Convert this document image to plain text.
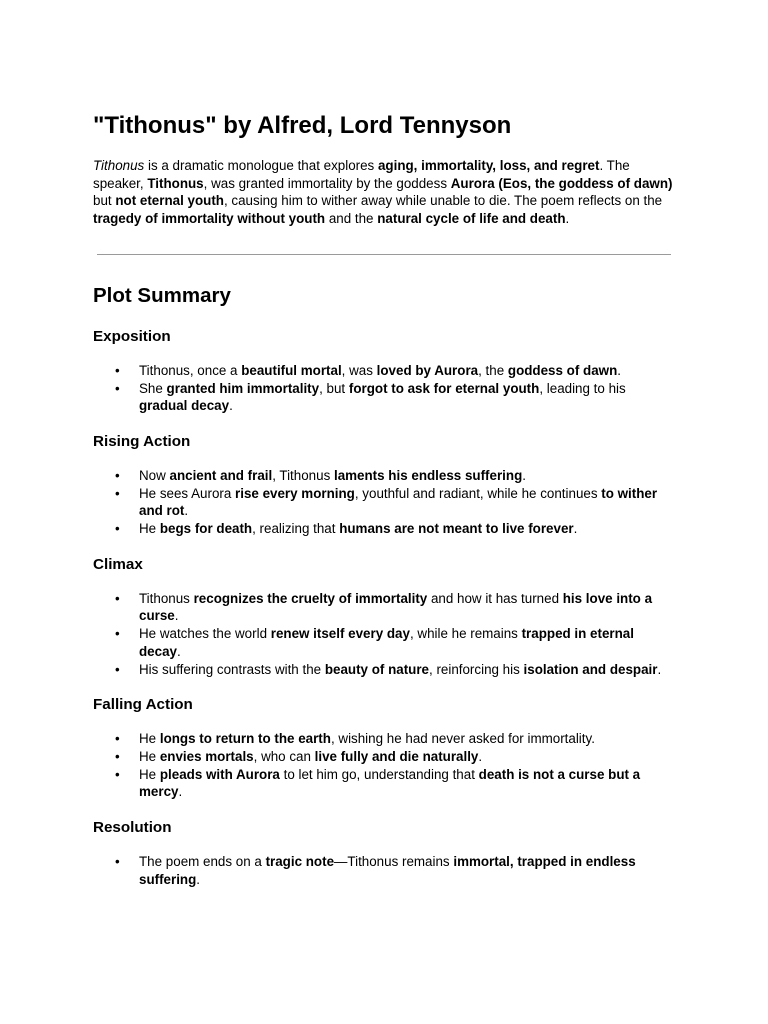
"Tithonus" by Alfred, Lord Tennyson

Tithonus is a dramatic monologue that explores aging, immortality, loss, and regret. The speaker, Tithonus, was granted immortality by the goddess Aurora (Eos, the goddess of dawn) but not eternal youth, causing him to wither away while unable to die. The poem reflects on the tragedy of immortality without youth and the natural cycle of life and death.

Plot Summary
Exposition
• Tithonus, once a beautiful mortal, was loved by Aurora, the goddess of dawn.
• She granted him immortality, but forgot to ask for eternal youth, leading to his gradual decay.
Rising Action
• Now ancient and frail, Tithonus laments his endless suffering.
• He sees Aurora rise every morning, youthful and radiant, while he continues to wither and rot.
• He begs for death, realizing that humans are not meant to live forever.
Climax
• Tithonus recognizes the cruelty of immortality and how it has turned his love into a curse.
• He watches the world renew itself every day, while he remains trapped in eternal decay.
• His suffering contrasts with the beauty of nature, reinforcing his isolation and despair.
Falling Action
• He longs to return to the earth, wishing he had never asked for immortality.
• He envies mortals, who can live fully and die naturally.
• He pleads with Aurora to let him go, understanding that death is not a curse but a mercy.
Resolution
• The poem ends on a tragic note—Tithonus remains immortal, trapped in endless suffering.
